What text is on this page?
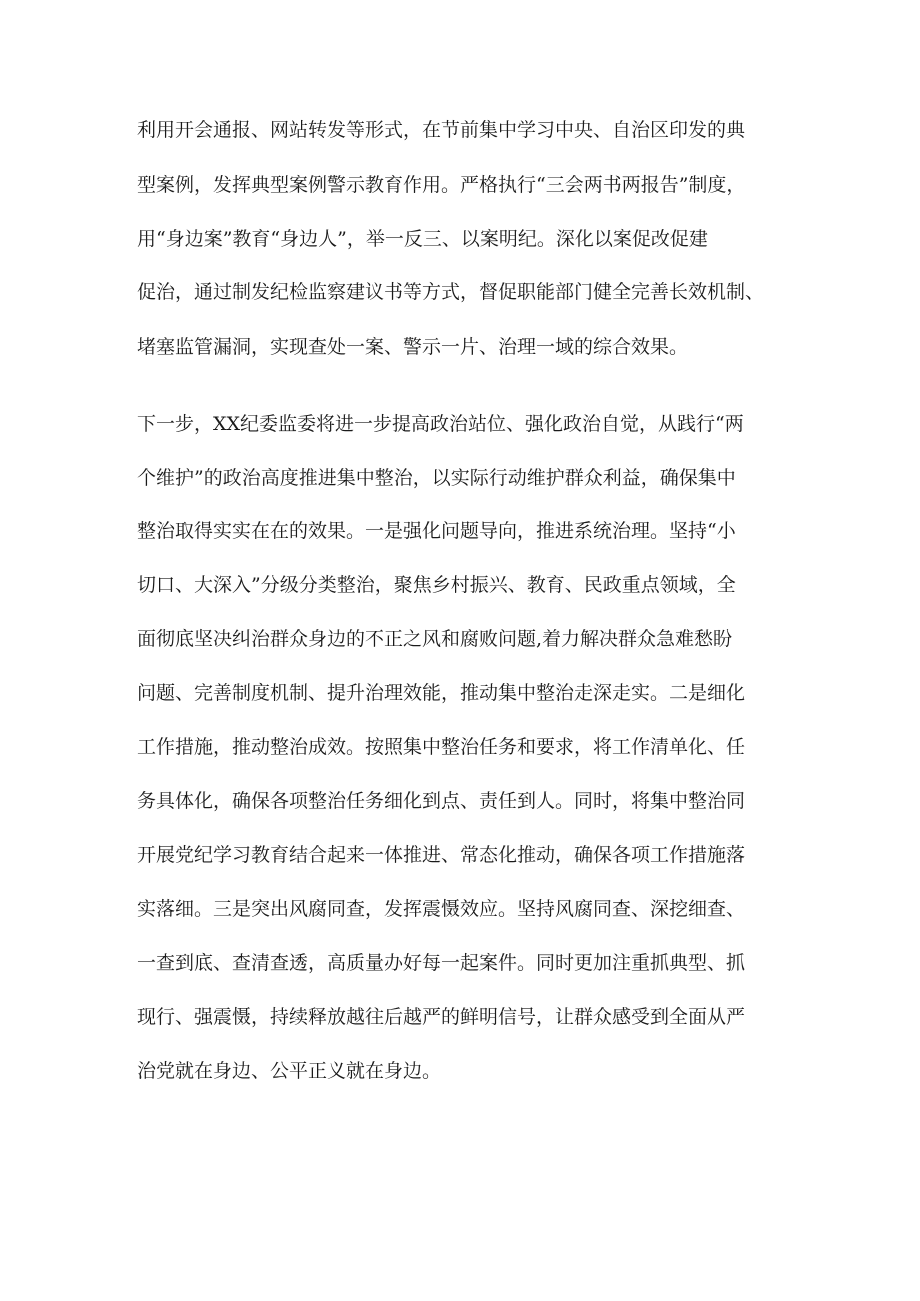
利用开会通报、网站转发等形式，在节前集中学习中央、自治区印发的典
型案例，发挥典型案例警示教育作用。严格执行“三会两书两报告”制度，
用“身边案”教育“身边人”，举一反三、以案明纪。深化以案促改促建
促治，通过制发纪检监察建议书等方式，督促职能部门健全完善长效机制、
堵塞监管漏洞，实现查处一案、警示一片、治理一域的综合效果。
下一步，XX纪委监委将进一步提高政治站位、强化政治自觉，从践行“两
个维护”的政治高度推进集中整治，以实际行动维护群众利益，确保集中
整治取得实实在在的效果。一是强化问题导向，推进系统治理。坚持“小
切口、大深入”分级分类整治，聚焦乡村振兴、教育、民政重点领域，全
面彻底坚决纠治群众身边的不正之风和腐败问题,着力解决群众急难愁盼
问题、完善制度机制、提升治理效能，推动集中整治走深走实。二是细化
工作措施，推动整治成效。按照集中整治任务和要求，将工作清单化、任
务具体化，确保各项整治任务细化到点、责任到人。同时，将集中整治同
开展党纪学习教育结合起来一体推进、常态化推动，确保各项工作措施落
实落细。三是突出风腐同查，发挥震慑效应。坚持风腐同查、深挖细查、
一查到底、查清查透，高质量办好每一起案件。同时更加注重抓典型、抓
现行、强震慑，持续释放越往后越严的鲜明信号，让群众感受到全面从严
治党就在身边、公平正义就在身边。
